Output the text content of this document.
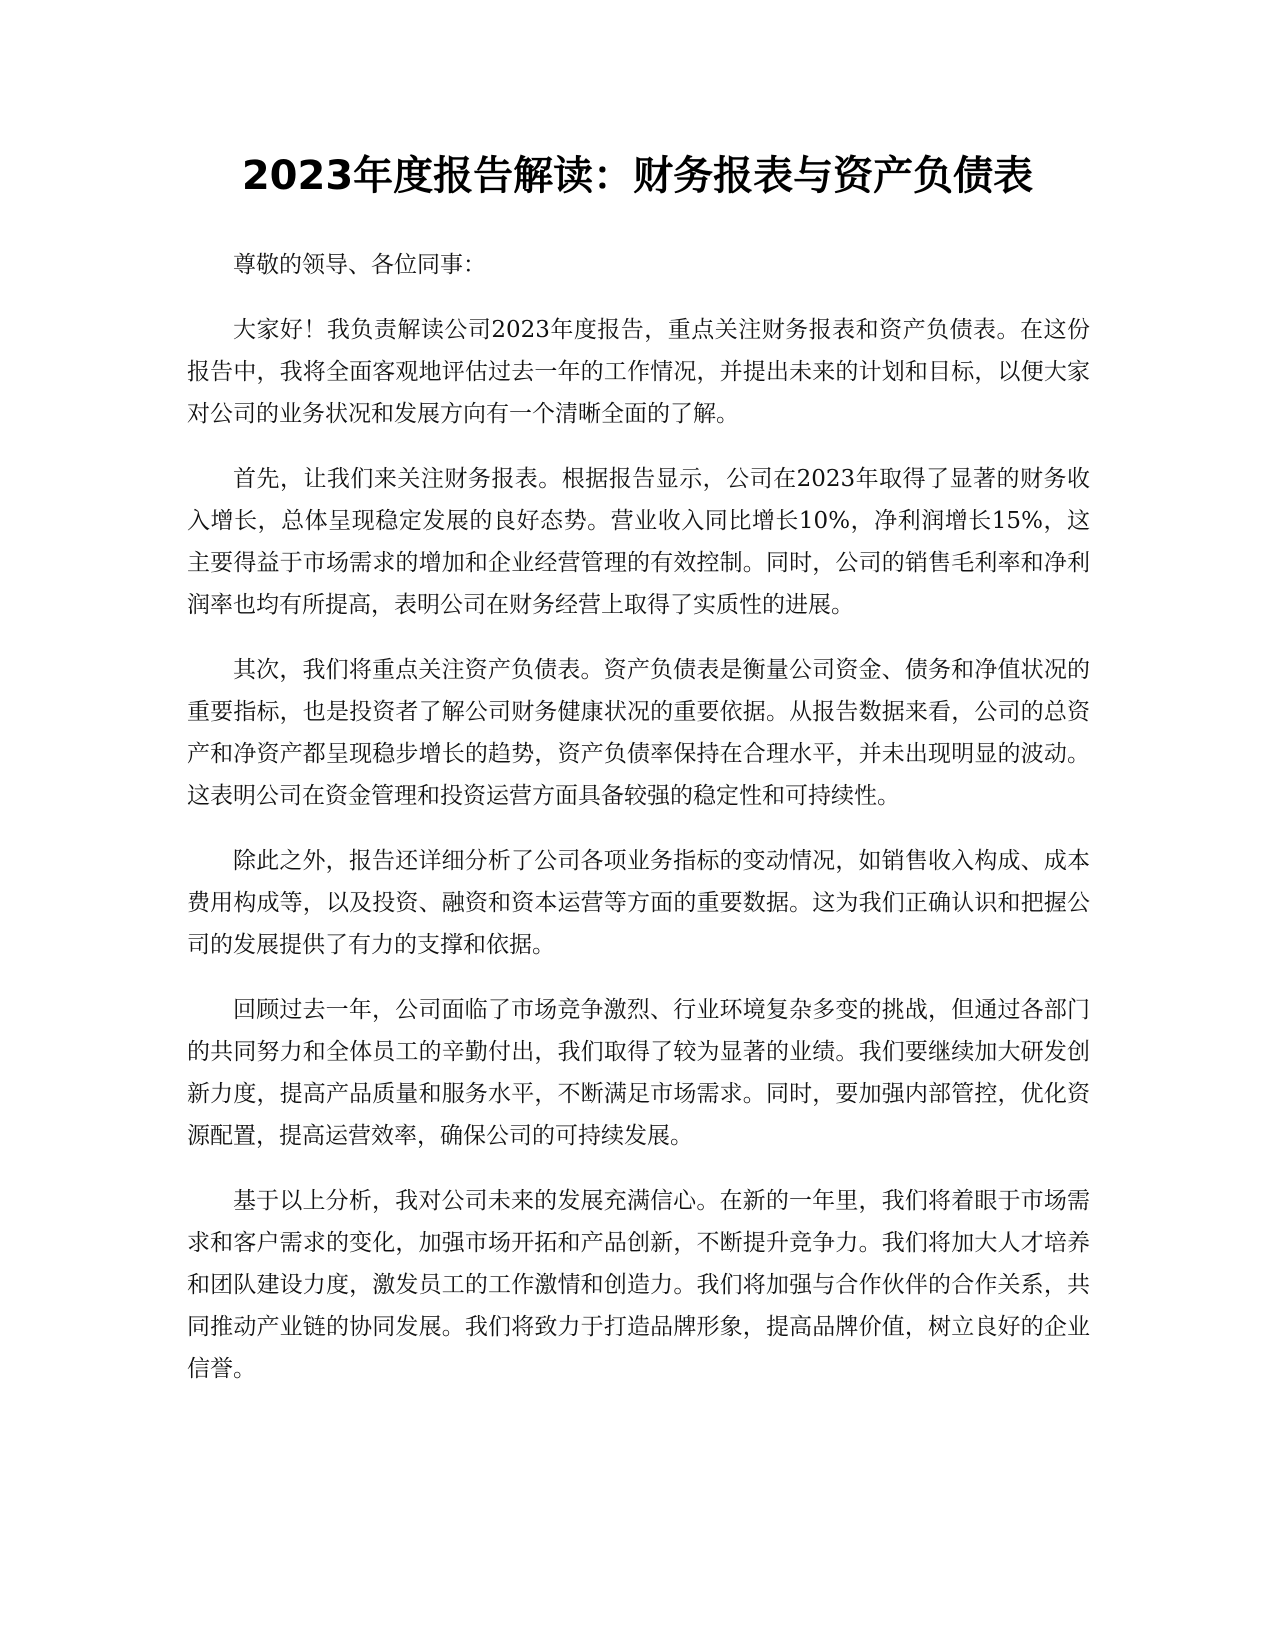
2023年度报告解读：财务报表与资产负债表

尊敬的领导、各位同事：

大家好！我负责解读公司2023年度报告，重点关注财务报表和资产负债表。在这份报告中，我将全面客观地评估过去一年的工作情况，并提出未来的计划和目标，以便大家对公司的业务状况和发展方向有一个清晰全面的了解。

首先，让我们来关注财务报表。根据报告显示，公司在2023年取得了显著的财务收入增长，总体呈现稳定发展的良好态势。营业收入同比增长10%，净利润增长15%，这主要得益于市场需求的增加和企业经营管理的有效控制。同时，公司的销售毛利率和净利润率也均有所提高，表明公司在财务经营上取得了实质性的进展。

其次，我们将重点关注资产负债表。资产负债表是衡量公司资金、债务和净值状况的重要指标，也是投资者了解公司财务健康状况的重要依据。从报告数据来看，公司的总资产和净资产都呈现稳步增长的趋势，资产负债率保持在合理水平，并未出现明显的波动。这表明公司在资金管理和投资运营方面具备较强的稳定性和可持续性。

除此之外，报告还详细分析了公司各项业务指标的变动情况，如销售收入构成、成本费用构成等，以及投资、融资和资本运营等方面的重要数据。这为我们正确认识和把握公司的发展提供了有力的支撑和依据。

回顾过去一年，公司面临了市场竞争激烈、行业环境复杂多变的挑战，但通过各部门的共同努力和全体员工的辛勤付出，我们取得了较为显著的业绩。我们要继续加大研发创新力度，提高产品质量和服务水平，不断满足市场需求。同时，要加强内部管控，优化资源配置，提高运营效率，确保公司的可持续发展。

基于以上分析，我对公司未来的发展充满信心。在新的一年里，我们将着眼于市场需求和客户需求的变化，加强市场开拓和产品创新，不断提升竞争力。我们将加大人才培养和团队建设力度，激发员工的工作激情和创造力。我们将加强与合作伙伴的合作关系，共同推动产业链的协同发展。我们将致力于打造品牌形象，提高品牌价值，树立良好的企业信誉。
